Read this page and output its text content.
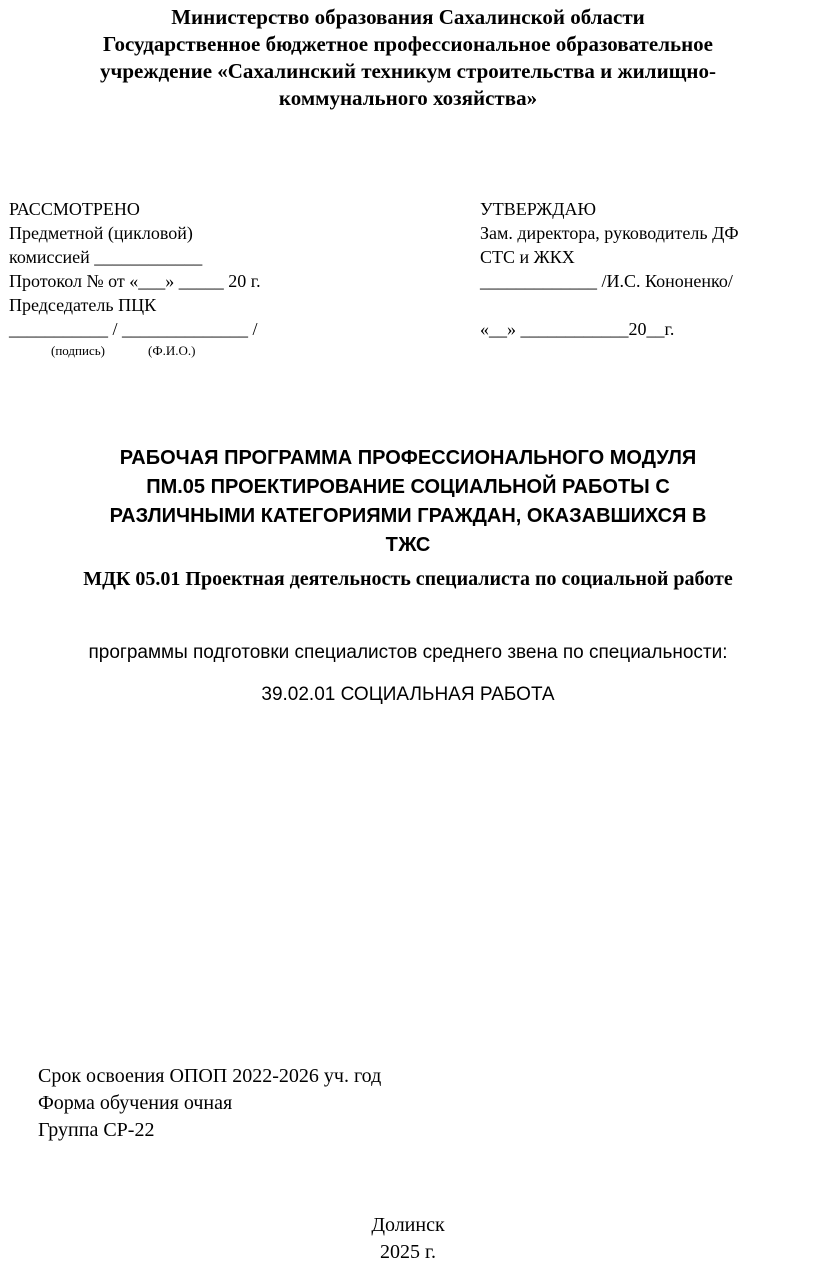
Министерство образования Сахалинской области
Государственное бюджетное профессиональное образовательное
учреждение «Сахалинский техникум строительства и жилищно-
коммунального хозяйства»
РАССМОТРЕНО
Предметной (цикловой)
комиссией ____________
Протокол № от «___» _____ 20 г.
Председатель ПЦК
___________ / ______________ /
(подпись)	(Ф.И.О.)
УТВЕРЖДАЮ
Зам. директора, руководитель ДФ
СТС и ЖКХ
_____________ /И.С. Кононенко/
«__» ____________20__г.
РАБОЧАЯ ПРОГРАММА ПРОФЕССИОНАЛЬНОГО МОДУЛЯ
ПМ.05 ПРОЕКТИРОВАНИЕ СОЦИАЛЬНОЙ РАБОТЫ С
РАЗЛИЧНЫМИ КАТЕГОРИЯМИ ГРАЖДАН, ОКАЗАВШИХСЯ В
ТЖС
МДК 05.01 Проектная деятельность специалиста по социальной работе
программы подготовки специалистов среднего звена по специальности:
39.02.01 СОЦИАЛЬНАЯ РАБОТА
Срок освоения ОПОП 2022-2026 уч. год
Форма обучения очная
Группа СР-22
Долинск
2025 г.
